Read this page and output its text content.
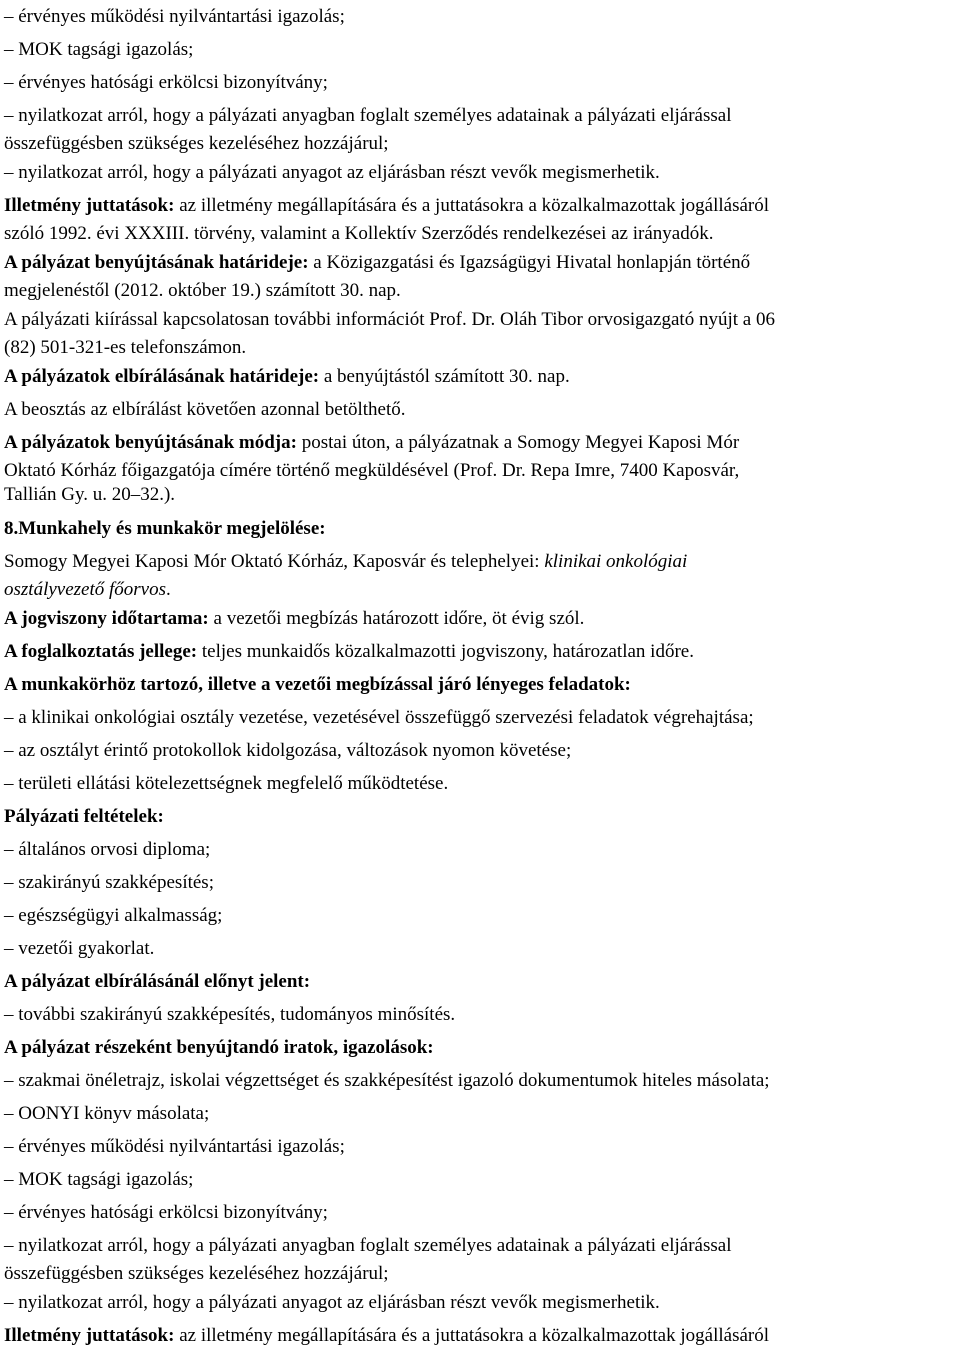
– érvényes működési nyilvántartási igazolás;
– MOK tagsági igazolás;
– érvényes hatósági erkölcsi bizonyítvány;
– nyilatkozat arról, hogy a pályázati anyagban foglalt személyes adatainak a pályázati eljárással
összefüggésben szükséges kezeléséhez hozzájárul;
– nyilatkozat arról, hogy a pályázati anyagot az eljárásban részt vevők megismerhetik.
Illetmény juttatások: az illetmény megállapítására és a juttatásokra a közalkalmazottak jogállásáról
szóló 1992. évi XXXIII. törvény, valamint a Kollektív Szerződés rendelkezései az irányadók.
A pályázat benyújtásának határideje: a Közigazgatási és Igazságügyi Hivatal honlapján történő
megjelenéstől (2012. október 19.) számított 30. nap.
A pályázati kiírással kapcsolatosan további információt Prof. Dr. Oláh Tibor orvosigazgató nyújt a 06
(82) 501-321-es telefonszámon.
A pályázatok elbírálásának határideje: a benyújtástól számított 30. nap.
A beosztás az elbírálást követően azonnal betölthető.
A pályázatok benyújtásának módja: postai úton, a pályázatnak a Somogy Megyei Kaposi Mór
Oktató Kórház főigazgatója címére történő megküldésével (Prof. Dr. Repa Imre, 7400 Kaposvár,
Tallián Gy. u. 20–32.).
8.Munkahely és munkakör megjelölése:
Somogy Megyei Kaposi Mór Oktató Kórház, Kaposvár és telephelyei: klinikai onkológiai
osztályvezető főorvos.
A jogviszony időtartama: a vezetői megbízás határozott időre, öt évig szól.
A foglalkoztatás jellege: teljes munkaidős közalkalmazotti jogviszony, határozatlan időre.
A munkakörhöz tartozó, illetve a vezetői megbízással járó lényeges feladatok:
– a klinikai onkológiai osztály vezetése, vezetésével összefüggő szervezési feladatok végrehajtása;
– az osztályt érintő protokollok kidolgozása, változások nyomon követése;
– területi ellátási kötelezettségnek megfelelő működtetése.
Pályázati feltételek:
– általános orvosi diploma;
– szakirányú szakképesítés;
– egészségügyi alkalmasság;
– vezetői gyakorlat.
A pályázat elbírálásánál előnyt jelent:
– további szakirányú szakképesítés, tudományos minősítés.
A pályázat részeként benyújtandó iratok, igazolások:
– szakmai önéletrajz, iskolai végzettséget és szakképesítést igazoló dokumentumok hiteles másolata;
– OONYI könyv másolata;
– érvényes működési nyilvántartási igazolás;
– MOK tagsági igazolás;
– érvényes hatósági erkölcsi bizonyítvány;
– nyilatkozat arról, hogy a pályázati anyagban foglalt személyes adatainak a pályázati eljárással
összefüggésben szükséges kezeléséhez hozzájárul;
– nyilatkozat arról, hogy a pályázati anyagot az eljárásban részt vevők megismerhetik.
Illetmény juttatások: az illetmény megállapítására és a juttatásokra a közalkalmazottak jogállásáról
